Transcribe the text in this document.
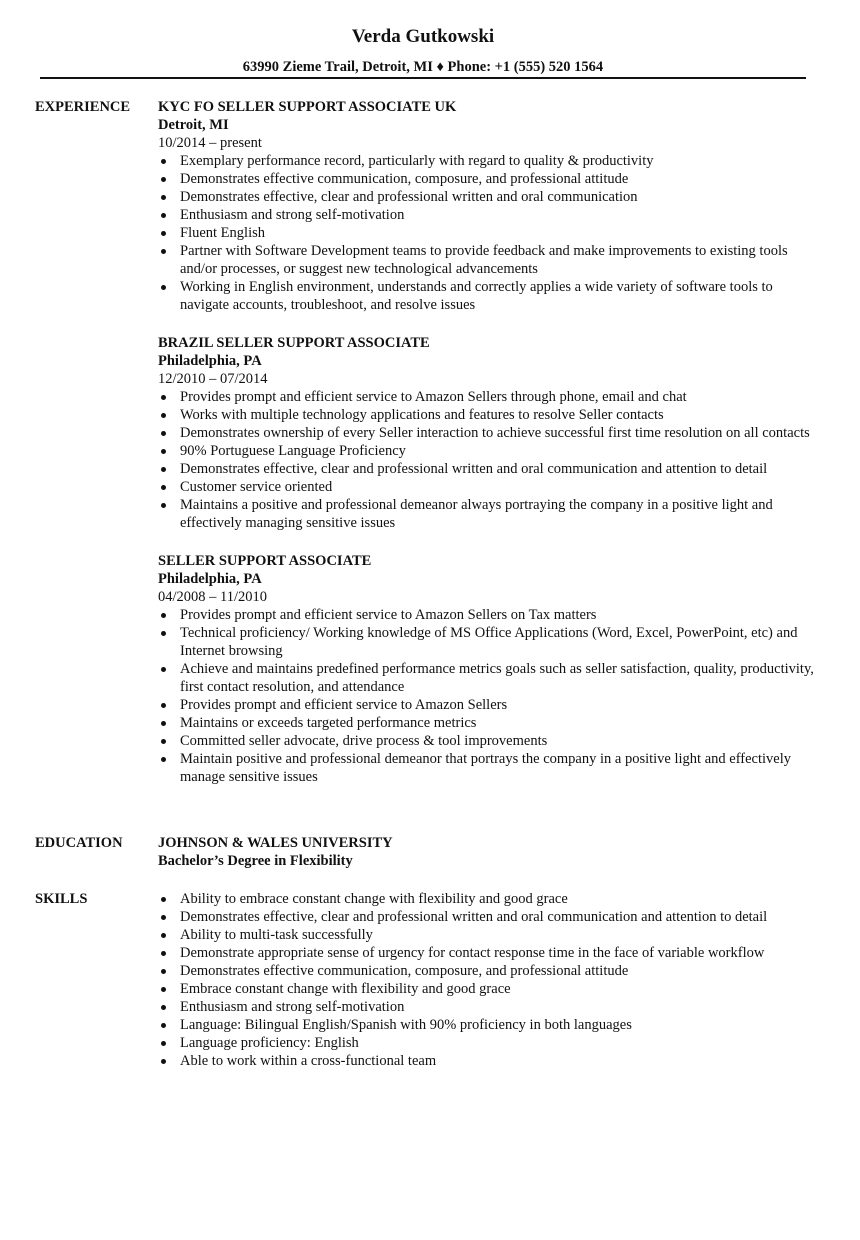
Verda Gutkowski
63990 Zieme Trail, Detroit, MI ♦ Phone: +1 (555) 520 1564
EXPERIENCE KYC FO SELLER SUPPORT ASSOCIATE UK
Detroit, MI
10/2014 – present
Exemplary performance record, particularly with regard to quality & productivity
Demonstrates effective communication, composure, and professional attitude
Demonstrates effective, clear and professional written and oral communication
Enthusiasm and strong self-motivation
Fluent English
Partner with Software Development teams to provide feedback and make improvements to existing tools and/or processes, or suggest new technological advancements
Working in English environment, understands and correctly applies a wide variety of software tools to navigate accounts, troubleshoot, and resolve issues
BRAZIL SELLER SUPPORT ASSOCIATE
Philadelphia, PA
12/2010 – 07/2014
Provides prompt and efficient service to Amazon Sellers through phone, email and chat
Works with multiple technology applications and features to resolve Seller contacts
Demonstrates ownership of every Seller interaction to achieve successful first time resolution on all contacts
90% Portuguese Language Proficiency
Demonstrates effective, clear and professional written and oral communication and attention to detail
Customer service oriented
Maintains a positive and professional demeanor always portraying the company in a positive light and effectively managing sensitive issues
SELLER SUPPORT ASSOCIATE
Philadelphia, PA
04/2008 – 11/2010
Provides prompt and efficient service to Amazon Sellers on Tax matters
Technical proficiency/ Working knowledge of MS Office Applications (Word, Excel, PowerPoint, etc) and Internet browsing
Achieve and maintains predefined performance metrics goals such as seller satisfaction, quality, productivity, first contact resolution, and attendance
Provides prompt and efficient service to Amazon Sellers
Maintains or exceeds targeted performance metrics
Committed seller advocate, drive process & tool improvements
Maintain positive and professional demeanor that portrays the company in a positive light and effectively manage sensitive issues
EDUCATION JOHNSON & WALES UNIVERSITY
Bachelor’s Degree in Flexibility
SKILLS	Ability to embrace constant change with flexibility and good grace
Demonstrates effective, clear and professional written and oral communication and attention to detail
Ability to multi-task successfully
Demonstrate appropriate sense of urgency for contact response time in the face of variable workflow
Demonstrates effective communication, composure, and professional attitude
Embrace constant change with flexibility and good grace
Enthusiasm and strong self-motivation
Language: Bilingual English/Spanish with 90% proficiency in both languages
Language proficiency: English
Able to work within a cross-functional team
